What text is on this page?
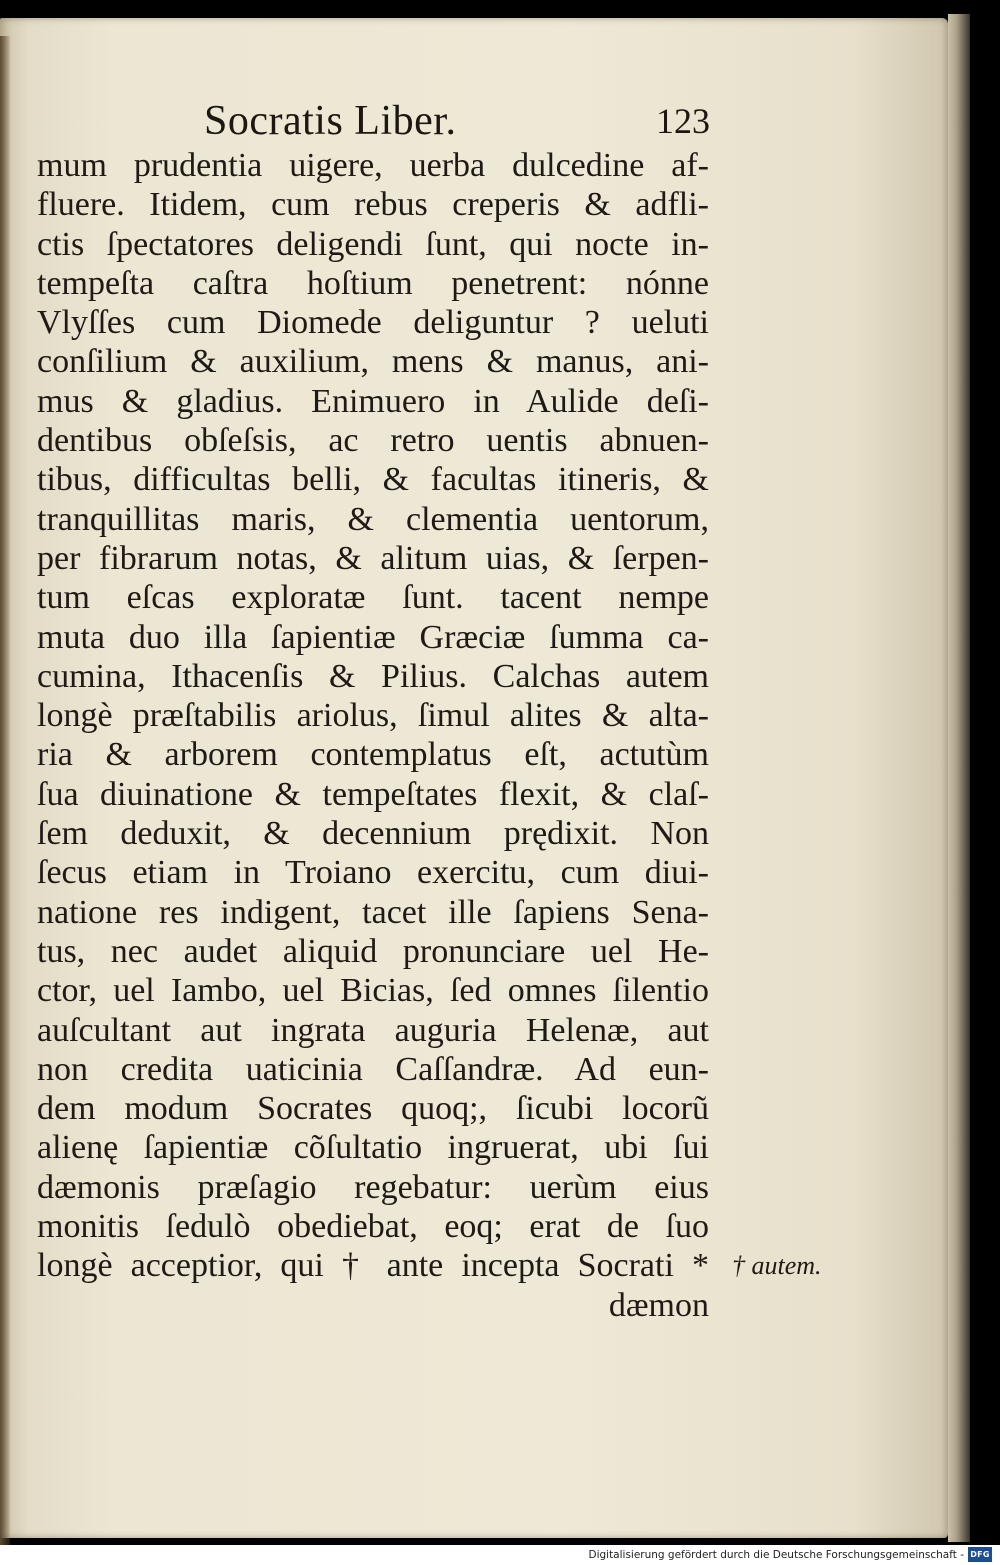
Socratis Liber.	123
mum prudentia uigere, uerba dulcedine af-
fluere. Itidem, cum rebus creperis & adfli-
ctis ſpectatores deligendi ſunt, qui nocte in-
tempeſta caſtra hoſtium penetrent: nónne
Vlyſſes cum Diomede deliguntur ? ueluti
conſilium & auxilium, mens & manus, ani-
mus & gladius. Enimuero in Aulide deſi-
dentibus obſeſsis, ac retro uentis abnuen-
tibus, difficultas belli, & facultas itineris, &
tranquillitas maris, & clementia uentorum,
per fibrarum notas, & alitum uias, & ſerpen-
tum eſcas exploratæ ſunt. tacent nempe
muta duo illa ſapientiæ Græciæ ſumma ca-
cumina, Ithacenſis & Pilius. Calchas autem
longè præſtabilis ariolus, ſimul alites & alta-
ria & arborem contemplatus eſt, actutùm
ſua diuinatione & tempeſtates flexit, & claſ-
ſem deduxit, & decennium prędixit. Non
ſecus etiam in Troiano exercitu, cum diui-
natione res indigent, tacet ille ſapiens Sena-
tus, nec audet aliquid pronunciare uel He-
ctor, uel Iambo, uel Bicias, ſed omnes ſilentio
auſcultant aut ingrata auguria Helenæ, aut
non credita uaticinia Caſſandræ. Ad eun-
dem modum Socrates quoq;, ſicubi locorũ
alienę ſapientiæ cõſultatio ingruerat, ubi ſui
dæmonis præſagio regebatur: uerùm eius
monitis ſedulò obediebat, eoq; erat de ſuo
longè acceptior, qui † ante incepta Socrati *
dæmon
† autem.
Digitalisierung gefördert durch die Deutsche Forschungsgemeinschaft - DFG
